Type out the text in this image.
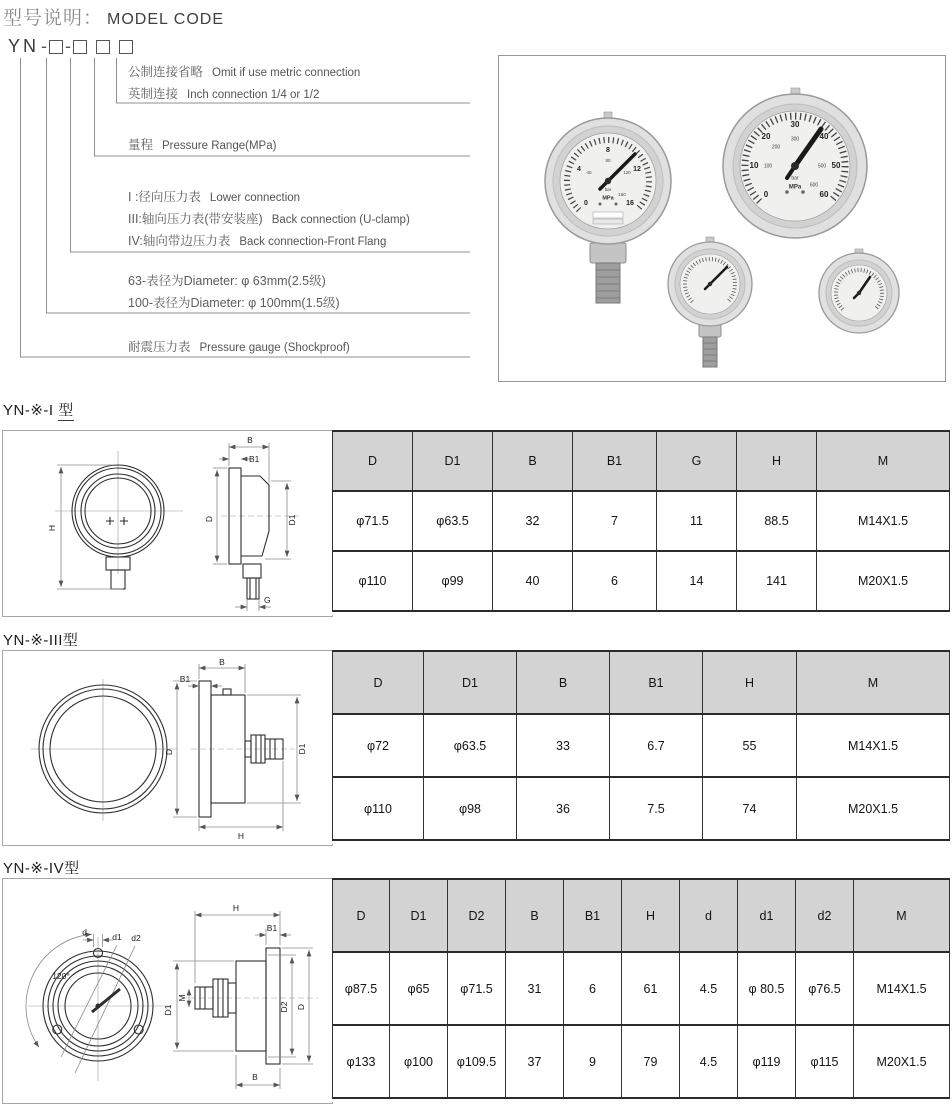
型号说明： MODEL CODE
YN - -
公制连接省略 Omit if use metric connection
英制连接 Inch connection 1/4 or 1/2
量程 Pressure Range(MPa)
I :径向压力表 Lower connection
III:轴向压力表(带安装座) Back connection (U-clamp)
IV:轴向带边压力表 Back connection-Front Flang
63-表径为Diameter: φ 63mm(2.5级)
100-表径为Diameter: φ 100mm(1.5级)
耐震压力表 Pressure gauge (Shockproof)
0
4
8
12
16
40
80
120
160
bar
MPa	0
10
20
30
40
50
60
100
200
300
500
600
bar
MPa
YN-※-I 型
H
B
B1
D	D1
G
D	D1	B	B1	G	H	M
φ71.5	φ63.5	32	7	11	88.5	M14X1.5
φ110	φ99	40	6	14	141	M20X1.5
YN-※-III型
B
B1
D	D1
H
D	D1	B	B1	H	M
φ72	φ63.5	33	6.7	55	M14X1.5
φ110	φ98	36	7.5	74	M20X1.5
YN-※-IV型
120°
d	d1 d2
H
B1
D1
M
D2 D
B
D	D1	D2	B	B1	H	d	d1	d2	M
φ87.5	φ65	φ71.5	31	6	61	4.5	φ 80.5	φ76.5	M14X1.5
φ133	φ100	φ109.5	37	9	79	4.5	φ119	φ115	M20X1.5
